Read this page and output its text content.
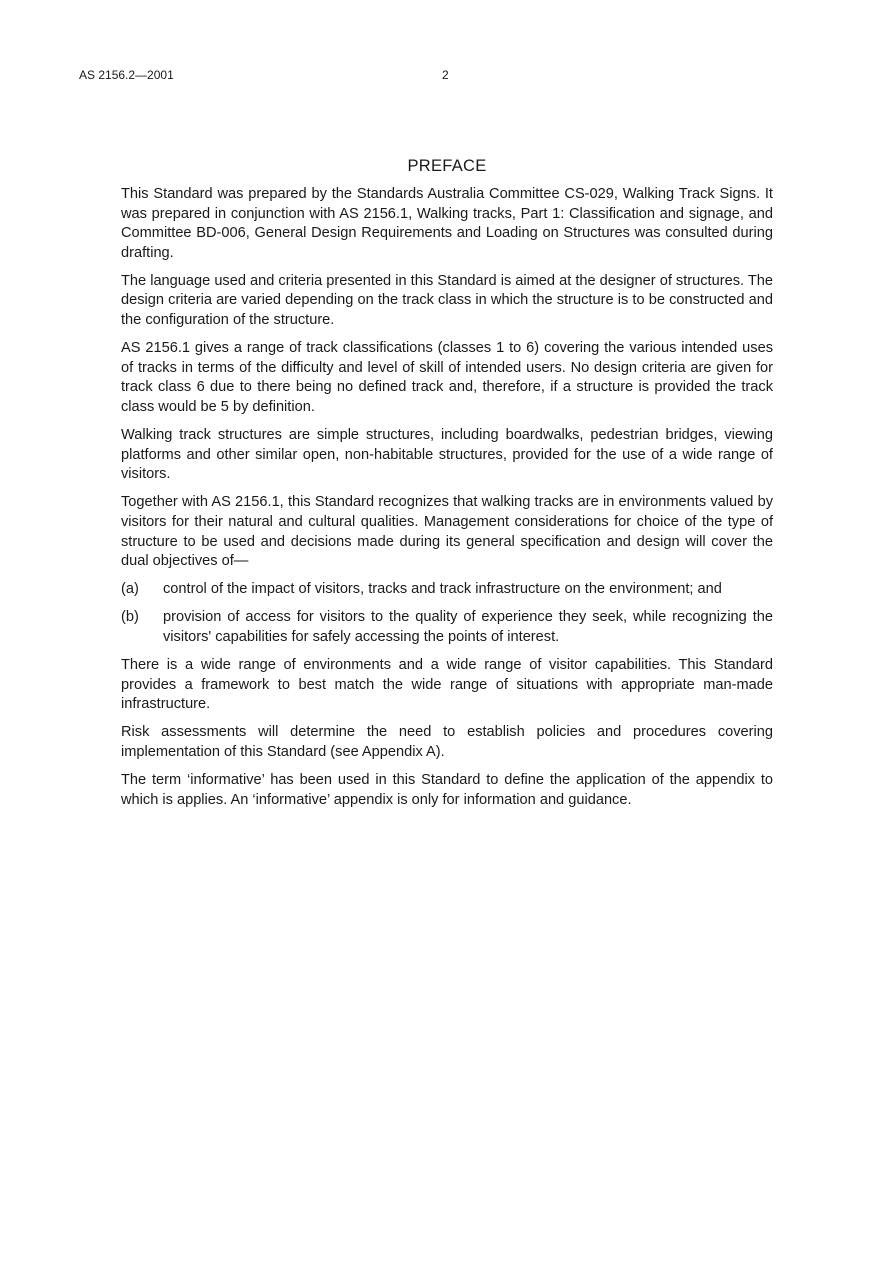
AS 2156.2—2001	2
PREFACE

This Standard was prepared by the Standards Australia Committee CS-029, Walking Track Signs. It was prepared in conjunction with AS 2156.1, Walking tracks, Part 1: Classification and signage, and Committee BD-006, General Design Requirements and Loading on Structures was consulted during drafting.

The language used and criteria presented in this Standard is aimed at the designer of structures. The design criteria are varied depending on the track class in which the structure is to be constructed and the configuration of the structure.

AS 2156.1 gives a range of track classifications (classes 1 to 6) covering the various intended uses of tracks in terms of the difficulty and level of skill of intended users. No design criteria are given for track class 6 due to there being no defined track and, therefore, if a structure is provided the track class would be 5 by definition.

Walking track structures are simple structures, including boardwalks, pedestrian bridges, viewing platforms and other similar open, non-habitable structures, provided for the use of a wide range of visitors.

Together with AS 2156.1, this Standard recognizes that walking tracks are in environments valued by visitors for their natural and cultural qualities. Management considerations for choice of the type of structure to be used and decisions made during its general specification and design will cover the dual objectives of—

(a)	control of the impact of visitors, tracks and track infrastructure on the environment; and
(b)	provision of access for visitors to the quality of experience they seek, while recognizing the visitors' capabilities for safely accessing the points of interest.

There is a wide range of environments and a wide range of visitor capabilities. This Standard provides a framework to best match the wide range of situations with appropriate man-made infrastructure.

Risk assessments will determine the need to establish policies and procedures covering implementation of this Standard (see Appendix A).

The term ‘informative’ has been used in this Standard to define the application of the appendix to which is applies. An ‘informative’ appendix is only for information and guidance.
